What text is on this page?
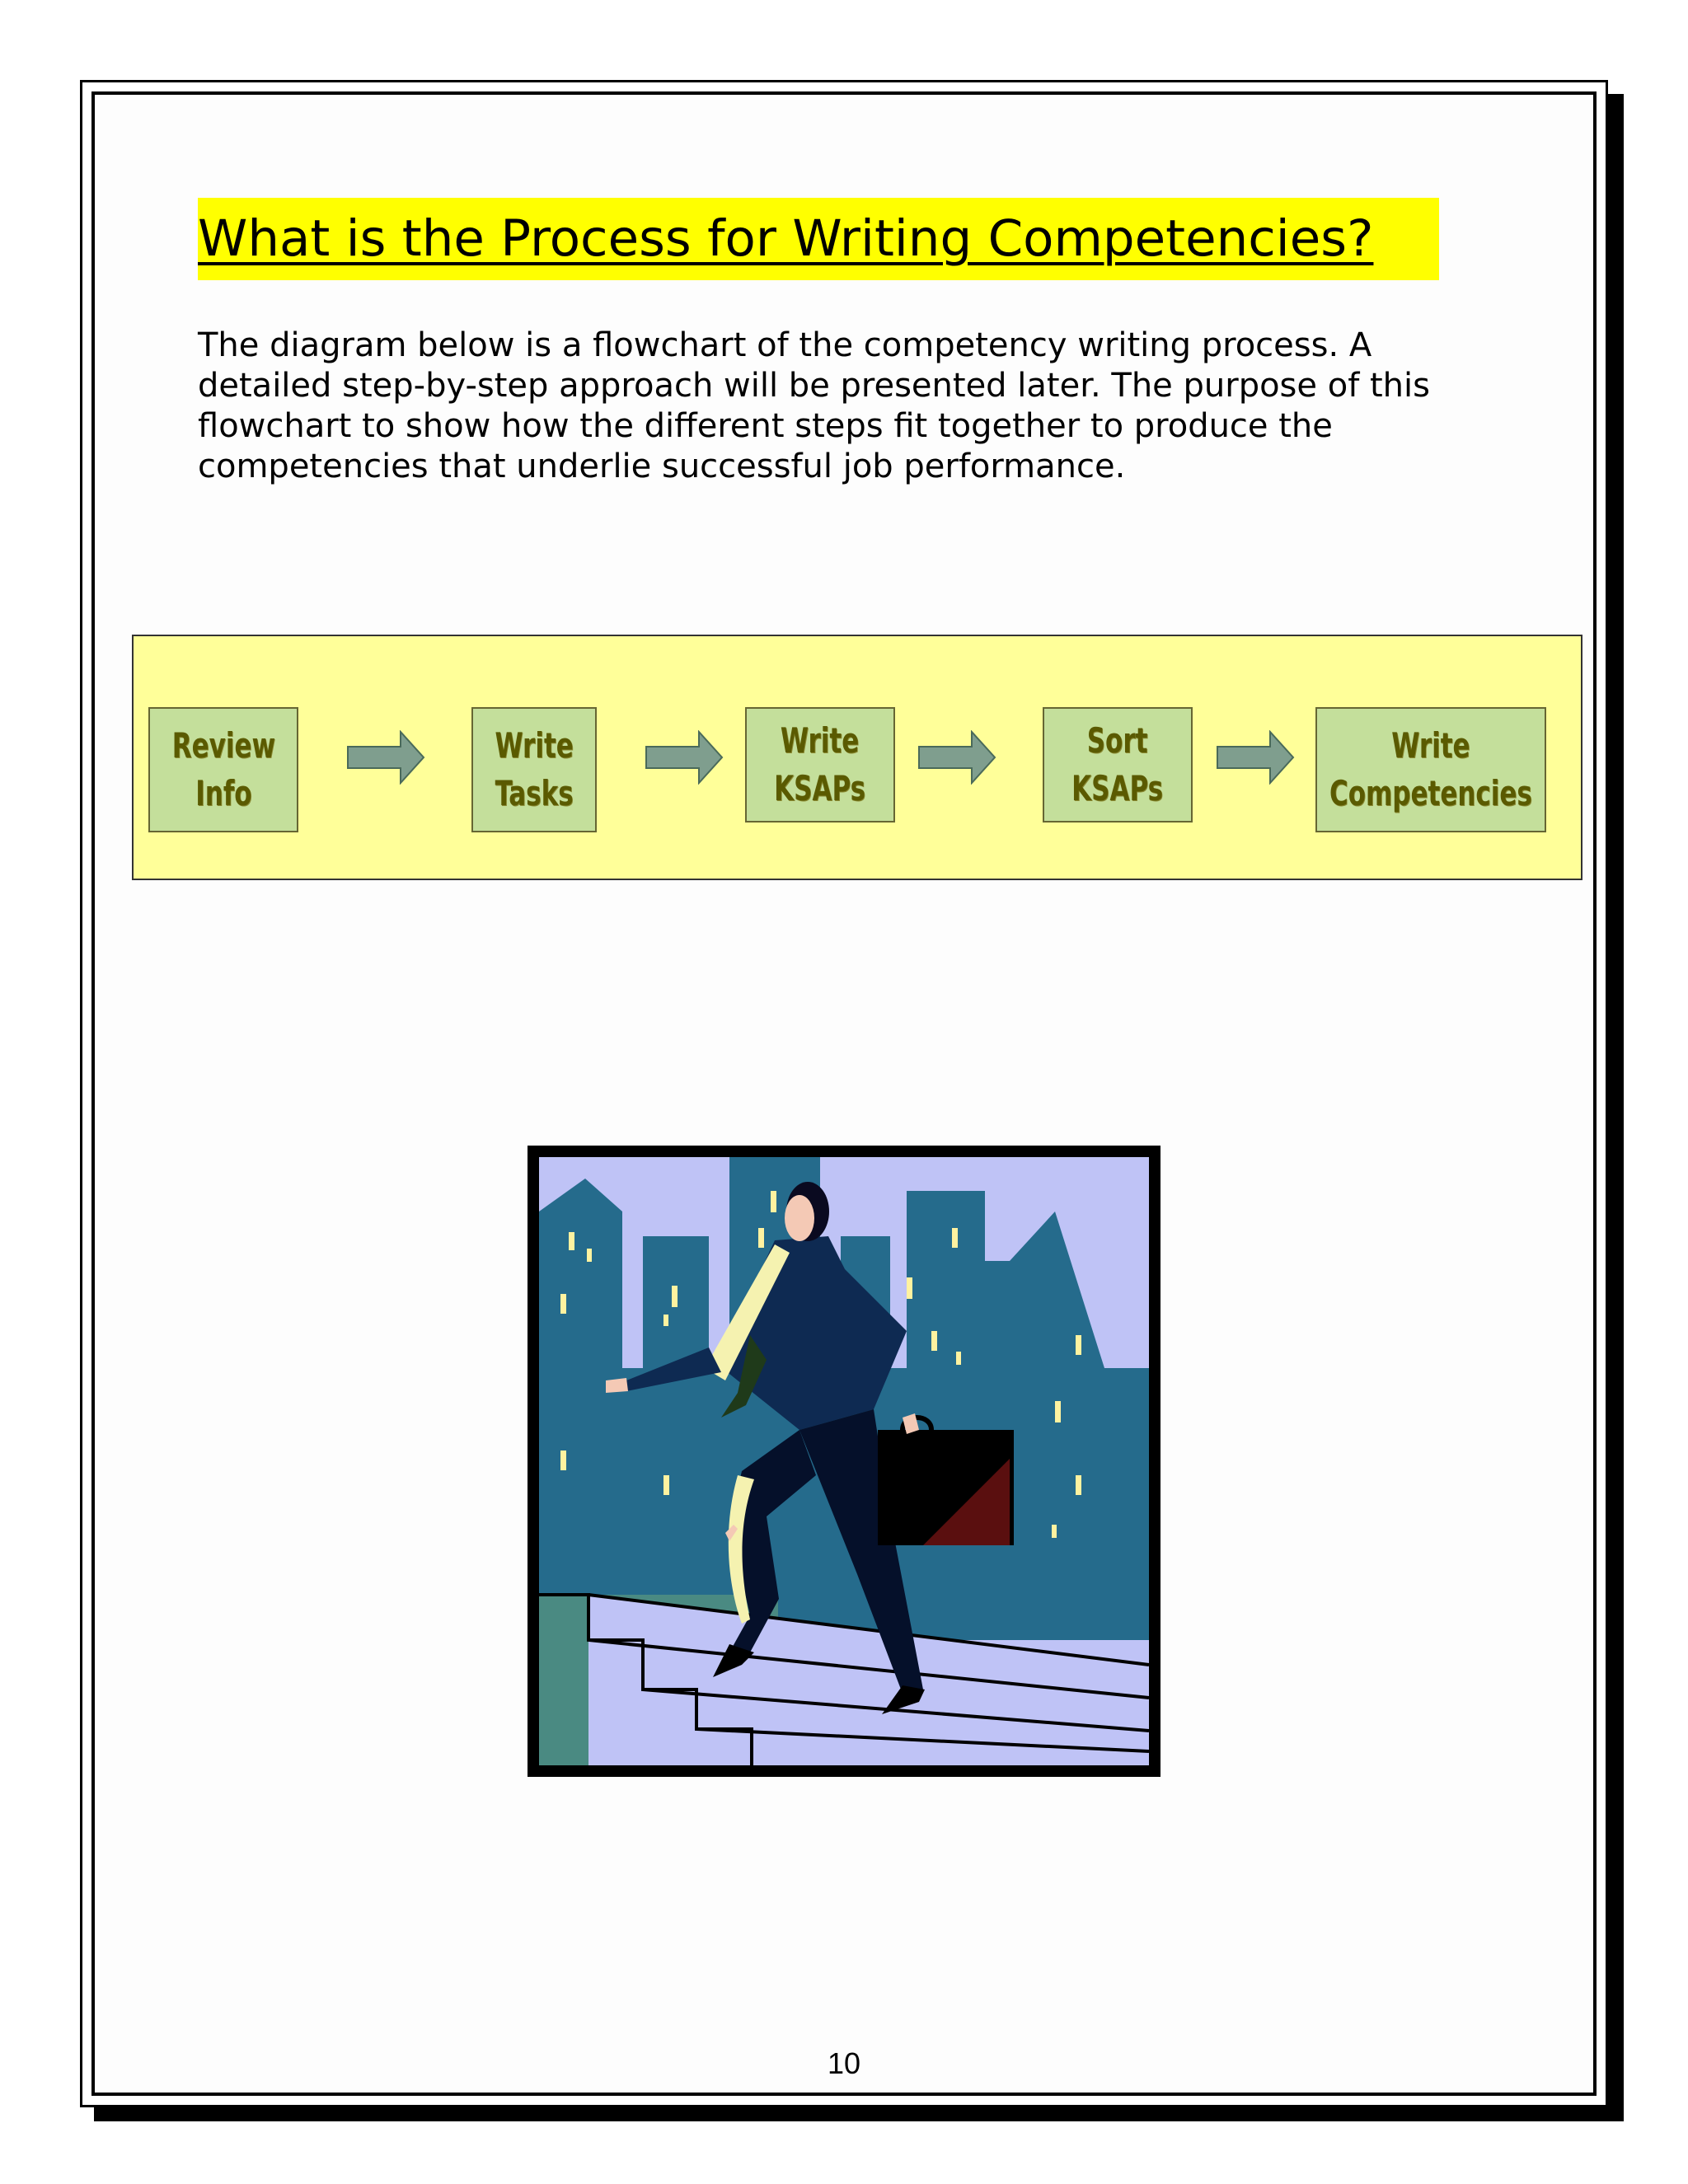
What is the Process for Writing Competencies?

The diagram below is a flowchart of the competency writing process. A detailed step-by-step approach will be presented later. The purpose of this flowchart to show how the different steps fit together to produce the competencies that underlie successful job performance.

Review
Info
Write
Tasks
Write
KSAPs
Sort
KSAPs
Write
Competencies
10
